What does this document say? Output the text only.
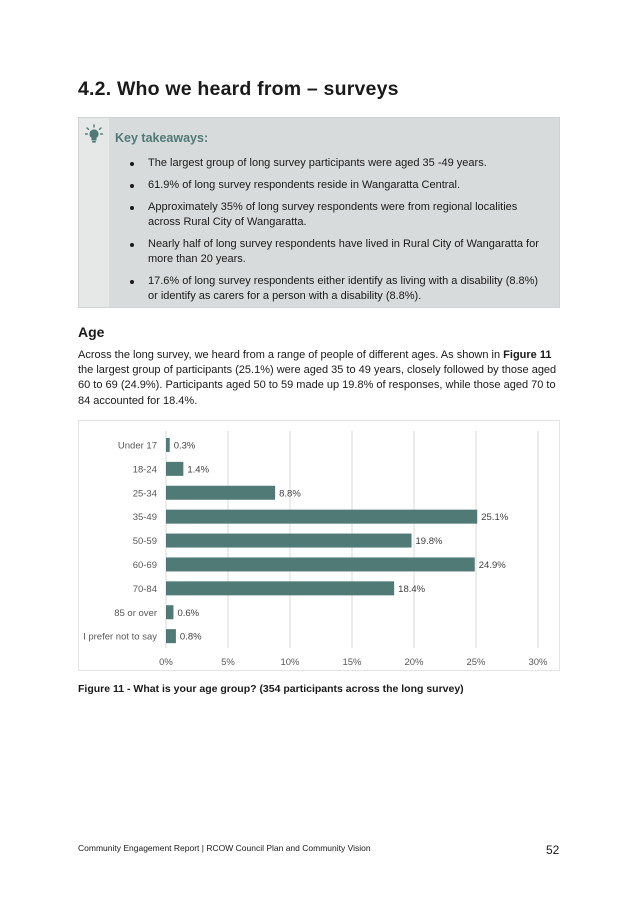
4.2. Who we heard from – surveys
Key takeaways:
The largest group of long survey participants were aged 35 -49 years.
61.9% of long survey respondents reside in Wangaratta Central.
Approximately 35% of long survey respondents were from regional localities across Rural City of Wangaratta.
Nearly half of long survey respondents have lived in Rural City of Wangaratta for more than 20 years.
17.6% of long survey respondents either identify as living with a disability (8.8%) or identify as carers for a person with a disability (8.8%).
Age
Across the long survey, we heard from a range of people of different ages. As shown in Figure 11 the largest group of participants (25.1%) were aged 35 to 49 years, closely followed by those aged 60 to 69 (24.9%). Participants aged 50 to 59 made up 19.8% of responses, while those aged 70 to 84 accounted for 18.4%.
0%	5%	10%	15%	20%	25%	30%
Under 17 0.3%
18-24	1.4%
25-34	8.8%
35-49	25.1%
50-59	19.8%
60-69	24.9%
70-84	18.4%
85 or over 0.6%
I prefer not to say 0.8%
Figure 11 - What is your age group? (354 participants across the long survey)
Community Engagement Report | RCOW Council Plan and Community Vision	52
